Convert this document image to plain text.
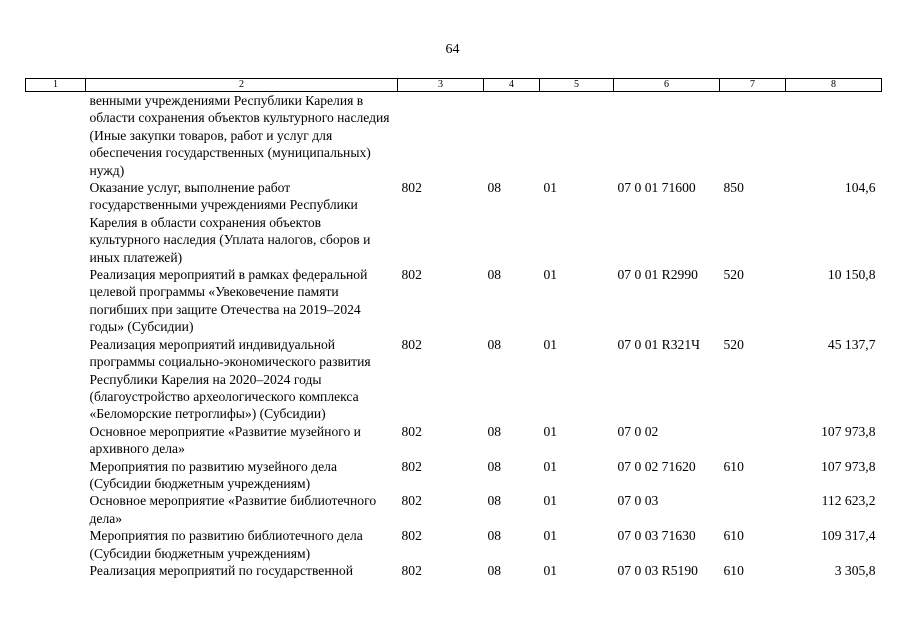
64
1	2	3	4	5	6	7	8
	венными учреждениями Республики Карелия в области сохранения объектов культурного наследия (Иные закупки товаров, работ и услуг для обеспечения государственных (муниципальных) нужд)						
	Оказание услуг, выполнение работ государственными учреждениями Республики Карелия в области сохранения объектов культурного наследия (Уплата налогов, сборов и иных платежей)	802	08	01	07 0 01 71600	850	104,6
	Реализация мероприятий в рамках федеральной целевой программы «Увековечение памяти погибших при защите Отечества на 2019–2024 годы» (Субсидии)	802	08	01	07 0 01 R2990	520	10 150,8
	Реализация мероприятий индивидуальной программы социально-экономического развития Республики Карелия на 2020–2024 годы (благоустройство археологического комплекса «Беломорские петроглифы») (Субсидии)	802	08	01	07 0 01 R321Ч	520	45 137,7
	Основное мероприятие «Развитие музейного и архивного дела»	802	08	01	07 0 02		107 973,8
	Мероприятия по развитию музейного дела (Субсидии бюджетным учреждениям)	802	08	01	07 0 02 71620	610	107 973,8
	Основное мероприятие «Развитие библиотечного дела»	802	08	01	07 0 03		112 623,2
	Мероприятия по развитию библиотечного дела (Субсидии бюджетным учреждениям)	802	08	01	07 0 03 71630	610	109 317,4
	Реализация мероприятий по государственной	802	08	01	07 0 03 R5190	610	3 305,8
